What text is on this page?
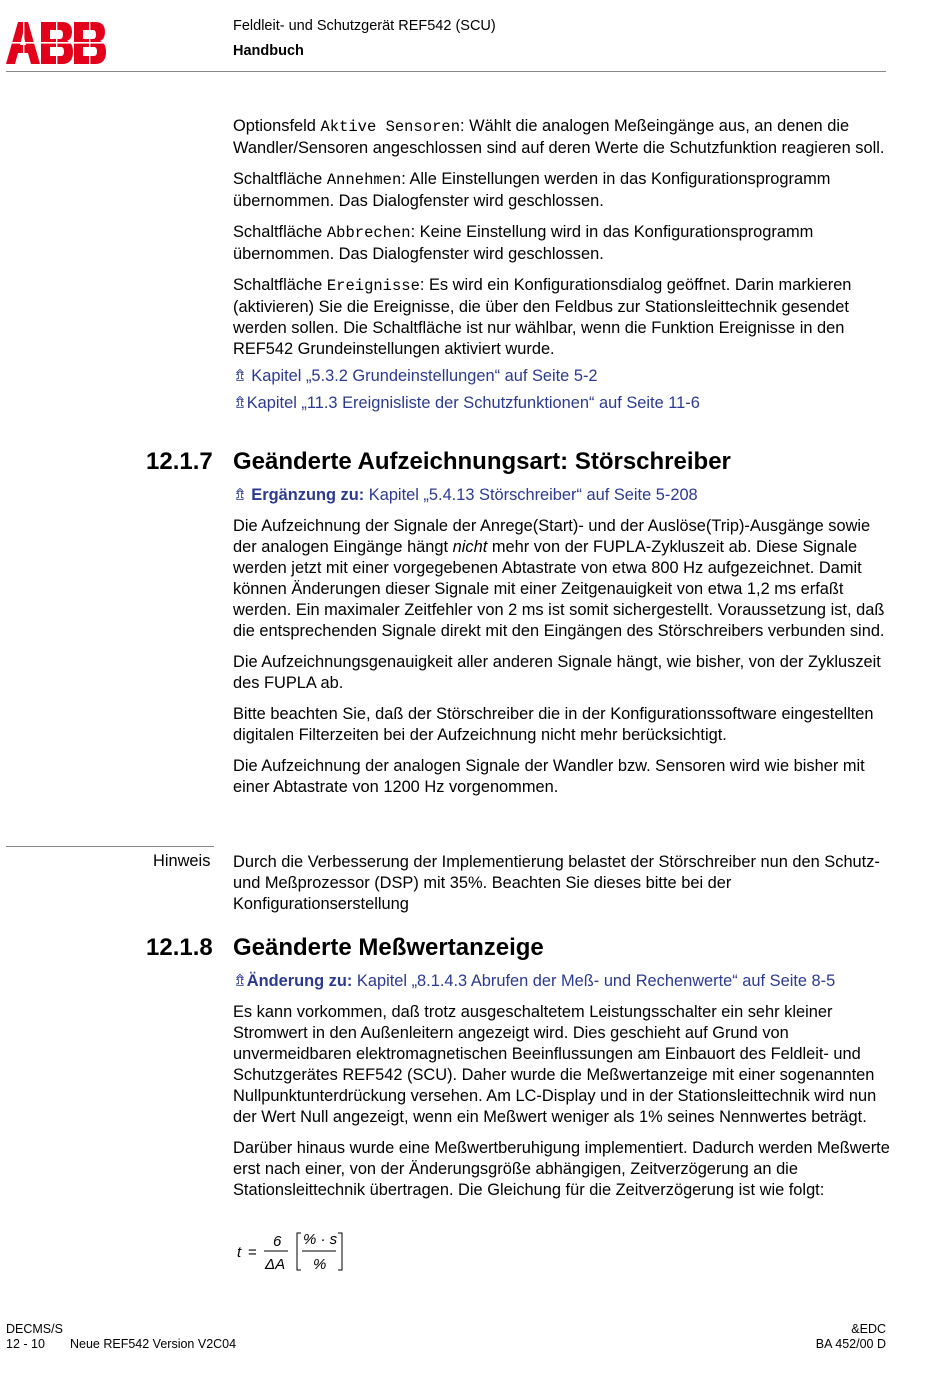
Feldleit- und Schutzgerät REF542 (SCU)
Handbuch

Optionsfeld Aktive Sensoren: Wählt die analogen Meßeingänge aus, an denen die Wandler/Sensoren angeschlossen sind auf deren Werte die Schutzfunktion reagieren soll.

Schaltfläche Annehmen: Alle Einstellungen werden in das Konfigurationsprogramm übernommen. Das Dialogfenster wird geschlossen.

Schaltfläche Abbrechen: Keine Einstellung wird in das Konfigurationsprogramm übernommen. Das Dialogfenster wird geschlossen.

Schaltfläche Ereignisse: Es wird ein Konfigurationsdialog geöffnet. Darin markieren (aktivieren) Sie die Ereignisse, die über den Feldbus zur Stationsleittechnik gesendet werden sollen. Die Schaltfläche ist nur wählbar, wenn die Funktion Ereignisse in den REF542 Grundeinstellungen aktiviert wurde.

⇯ Kapitel „5.3.2 Grundeinstellungen“ auf Seite 5-2

⇯Kapitel „11.3 Ereignisliste der Schutzfunktionen“ auf Seite 11-6

12.1.7 Geänderte Aufzeichnungsart: Störschreiber

⇯ Ergänzung zu: Kapitel „5.4.13 Störschreiber“ auf Seite 5-208

Die Aufzeichnung der Signale der Anrege(Start)- und der Auslöse(Trip)-Ausgänge sowie der analogen Eingänge hängt nicht mehr von der FUPLA-Zykluszeit ab. Diese Signale werden jetzt mit einer vorgegebenen Abtastrate von etwa 800 Hz aufgezeichnet. Damit können Änderungen dieser Signale mit einer Zeitgenauigkeit von etwa 1,2 ms erfaßt werden. Ein maximaler Zeitfehler von 2 ms ist somit sichergestellt. Voraussetzung ist, daß die entsprechenden Signale direkt mit den Eingängen des Störschreibers verbunden sind.

Die Aufzeichnungsgenauigkeit aller anderen Signale hängt, wie bisher, von der Zykluszeit des FUPLA ab.

Bitte beachten Sie, daß der Störschreiber die in der Konfigurationssoftware eingestellten digitalen Filterzeiten bei der Aufzeichnung nicht mehr berücksichtigt.

Die Aufzeichnung der analogen Signale der Wandler bzw. Sensoren wird wie bisher mit einer Abtastrate von 1200 Hz vorgenommen.

Hinweis Durch die Verbesserung der Implementierung belastet der Störschreiber nun den Schutz- und Meßprozessor (DSP) mit 35%. Beachten Sie dieses bitte bei der Konfigurationserstellung
12.1.8 Geänderte Meßwertanzeige

⇯Änderung zu: Kapitel „8.1.4.3 Abrufen der Meß- und Rechenwerte“ auf Seite 8-5

Es kann vorkommen, daß trotz ausgeschaltetem Leistungsschalter ein sehr kleiner Stromwert in den Außenleitern angezeigt wird. Dies geschieht auf Grund von unvermeidbaren elektromagnetischen Beeinflussungen am Einbauort des Feldleit- und Schutzgerätes REF542 (SCU). Daher wurde die Meßwertanzeige mit einer sogenannten Nullpunktunterdrückung versehen. Am LC-Display und in der Stationsleittechnik wird nun der Wert Null angezeigt, wenn ein Meßwert weniger als 1% seines Nennwertes beträgt.

Darüber hinaus wurde eine Meßwertberuhigung implementiert. Dadurch werden Meßwerte erst nach einer, von der Änderungsgröße abhängigen, Zeitverzögerung an die Stationsleittechnik übertragen. Die Gleichung für die Zeitverzögerung ist wie folgt:

t =
6
ΔA
% · s
%
DECMS/S
12 - 10 Neue REF542 Version V2C04
&EDC
BA 452/00 D
